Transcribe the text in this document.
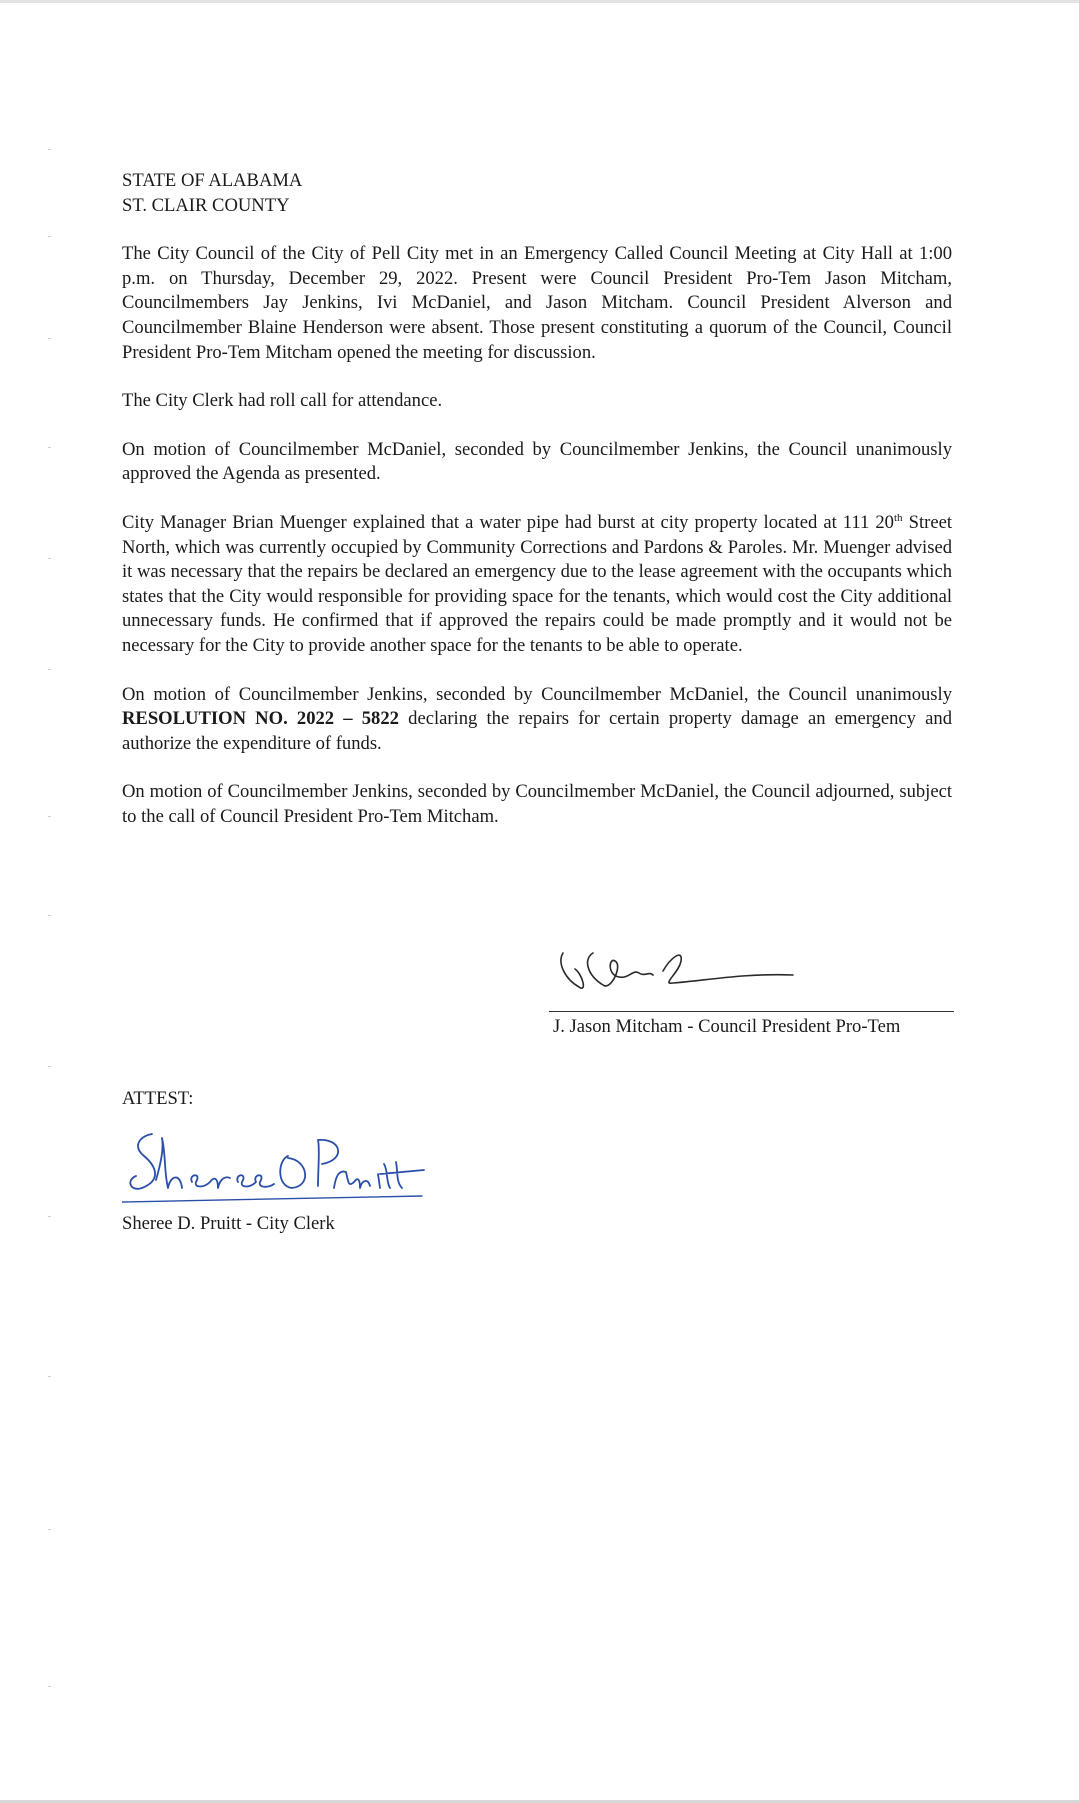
STATE OF ALABAMA

ST. CLAIR COUNTY

The City Council of the City of Pell City met in an Emergency Called Council Meeting at City Hall at 1:00 p.m. on Thursday, December 29, 2022. Present were Council President Pro-Tem Jason Mitcham, Councilmembers Jay Jenkins, Ivi McDaniel, and Jason Mitcham. Council President Alverson and Councilmember Blaine Henderson were absent. Those present constituting a quorum of the Council, Council President Pro-Tem Mitcham opened the meeting for discussion.

The City Clerk had roll call for attendance.

On motion of Councilmember McDaniel, seconded by Councilmember Jenkins, the Council unanimously approved the Agenda as presented.

City Manager Brian Muenger explained that a water pipe had burst at city property located at 111 20th Street North, which was currently occupied by Community Corrections and Pardons & Paroles. Mr. Muenger advised it was necessary that the repairs be declared an emergency due to the lease agreement with the occupants which states that the City would responsible for providing space for the tenants, which would cost the City additional unnecessary funds. He confirmed that if approved the repairs could be made promptly and it would not be necessary for the City to provide another space for the tenants to be able to operate.

On motion of Councilmember Jenkins, seconded by Councilmember McDaniel, the Council unanimously RESOLUTION NO. 2022 – 5822 declaring the repairs for certain property damage an emergency and authorize the expenditure of funds.

On motion of Councilmember Jenkins, seconded by Councilmember McDaniel, the Council adjourned, subject to the call of Council President Pro-Tem Mitcham.

J. Jason Mitcham - Council President Pro-Tem
ATTEST:
Sheree D. Pruitt - City Clerk
